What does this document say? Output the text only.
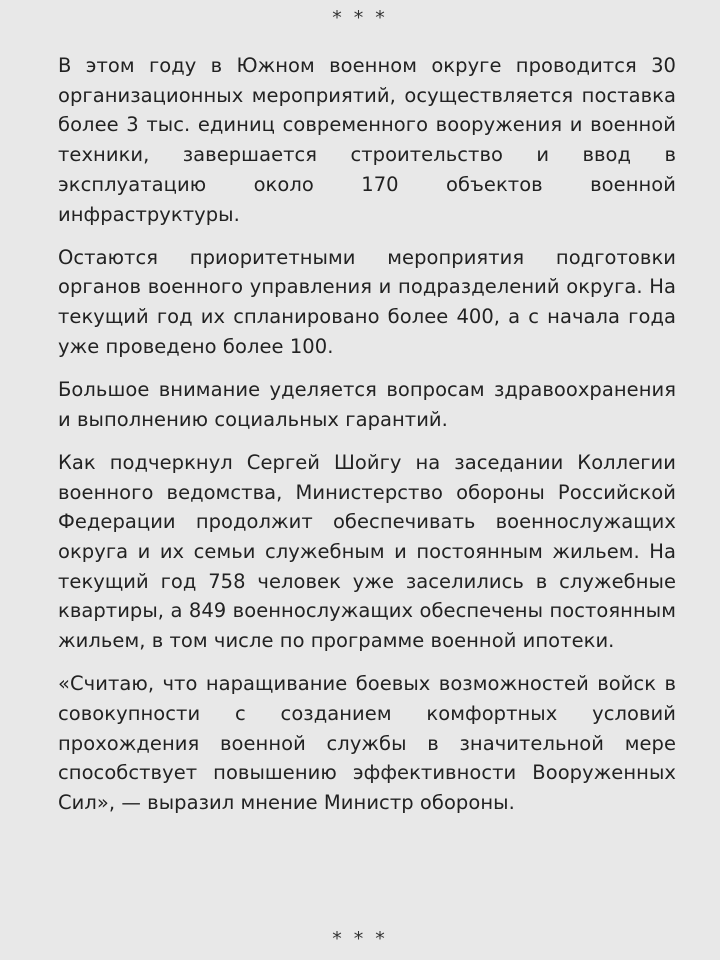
* * *

В этом году в Южном военном округе проводится 30 организационных мероприятий, осуществляется поставка более 3 тыс. единиц современного вооружения и военной техники, завершается строительство и ввод в эксплуатацию около 170 объектов военной инфраструктуры.

Остаются приоритетными мероприятия подготовки органов военного управления и подразделений округа. На текущий год их спланировано более 400, а с начала года уже проведено более 100.

Большое внимание уделяется вопросам здравоохранения и выполнению социальных гарантий.

Как подчеркнул Сергей Шойгу на заседании Коллегии военного ведомства, Министерство обороны Российской Федерации продолжит обеспечивать военнослужащих округа и их семьи служебным и постоянным жильем. На текущий год 758 человек уже заселились в служебные квартиры, а 849 военнослужащих обеспечены постоянным жильем, в том числе по программе военной ипотеки.

«Считаю, что наращивание боевых возможностей войск в совокупности с созданием комфортных условий прохождения военной службы в значительной мере способствует повышению эффективности Вооруженных Сил», — выразил мнение Министр обороны.

* * *
